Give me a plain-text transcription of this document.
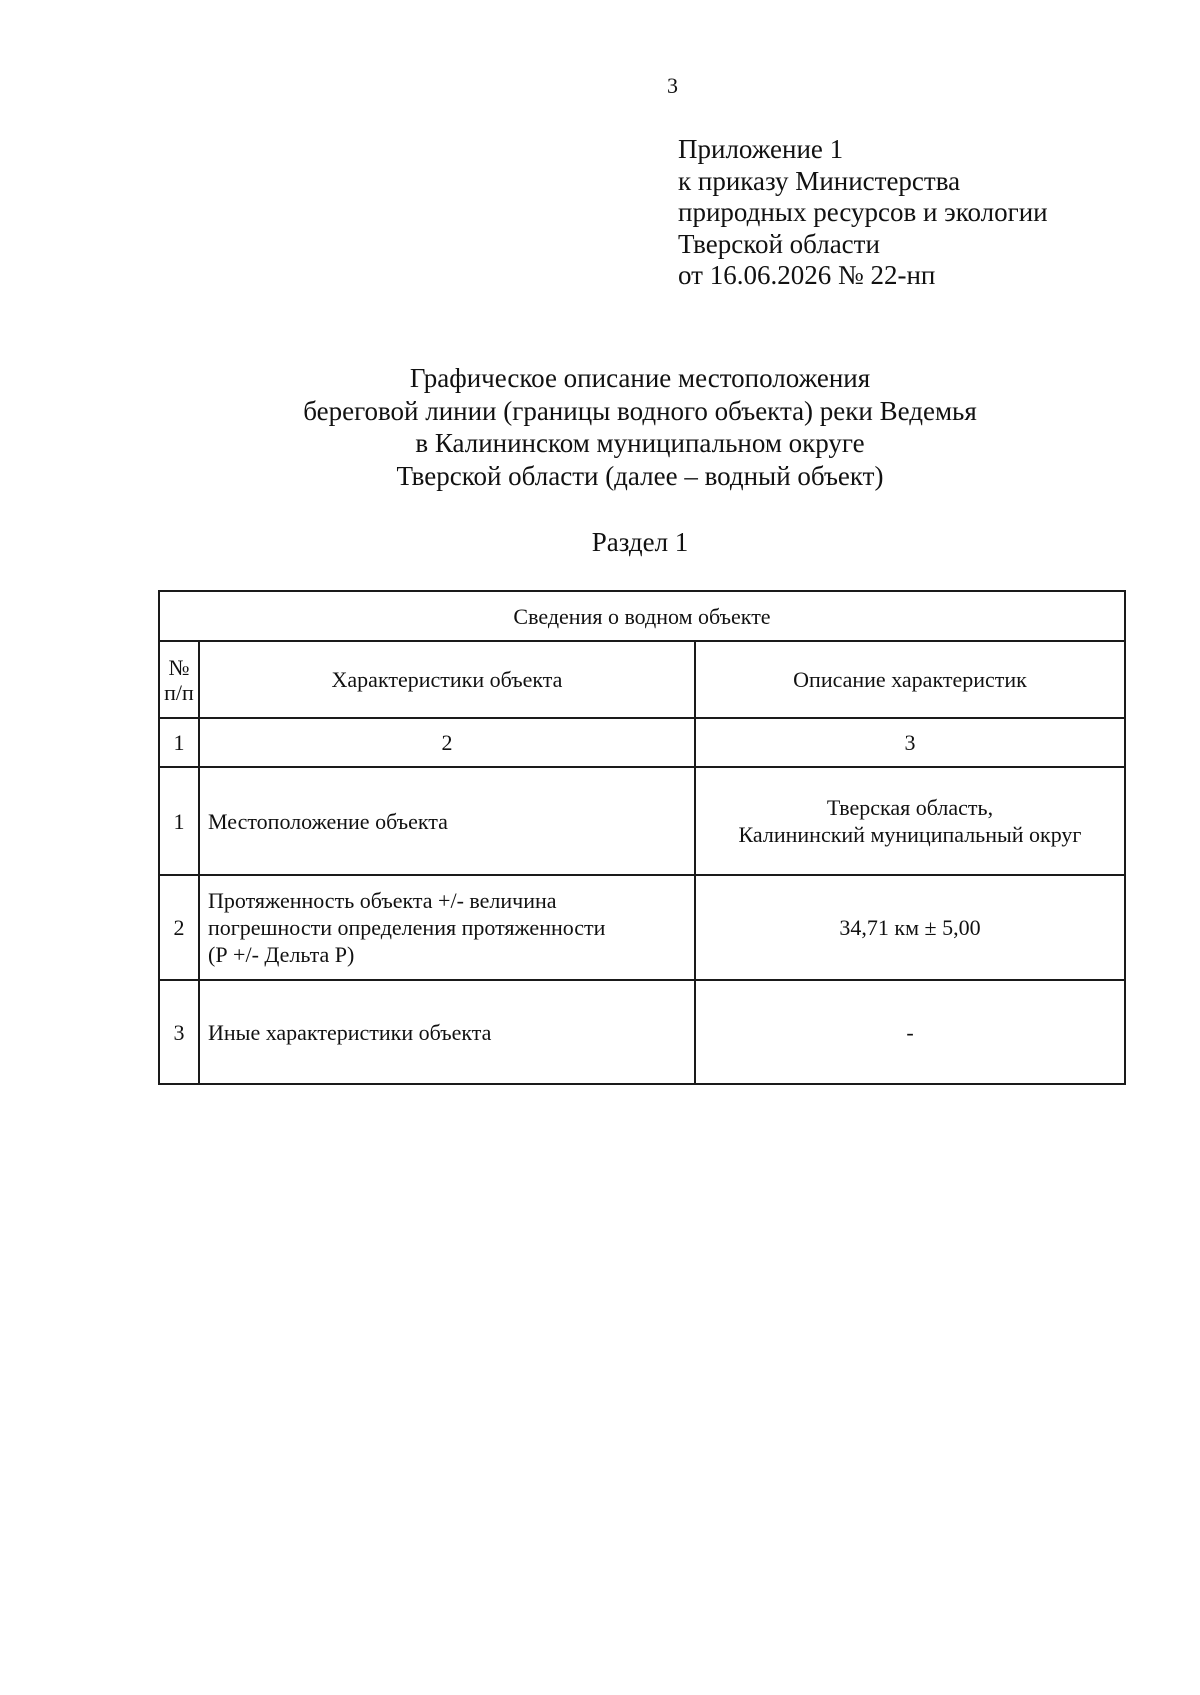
3
Приложение 1
к приказу Министерства
природных ресурсов и экологии
Тверской области
от 16.06.2026 № 22-нп
Графическое описание местоположения
береговой линии (границы водного объекта) реки Ведемья
в Калининском муниципальном округе
Тверской области (далее – водный объект)
Раздел 1
Сведения о водном объекте		

№
п/п	Характеристики объекта	Описание характеристик
1	2	3
1	Местоположение объекта	Тверская область,
Калининский муниципальный округ

2	Протяженность объекта +/- величина
погрешности определения протяженности
(Р +/- Дельта Р)	34,71 км ± 5,00

3	Иные характеристики объекта	-
